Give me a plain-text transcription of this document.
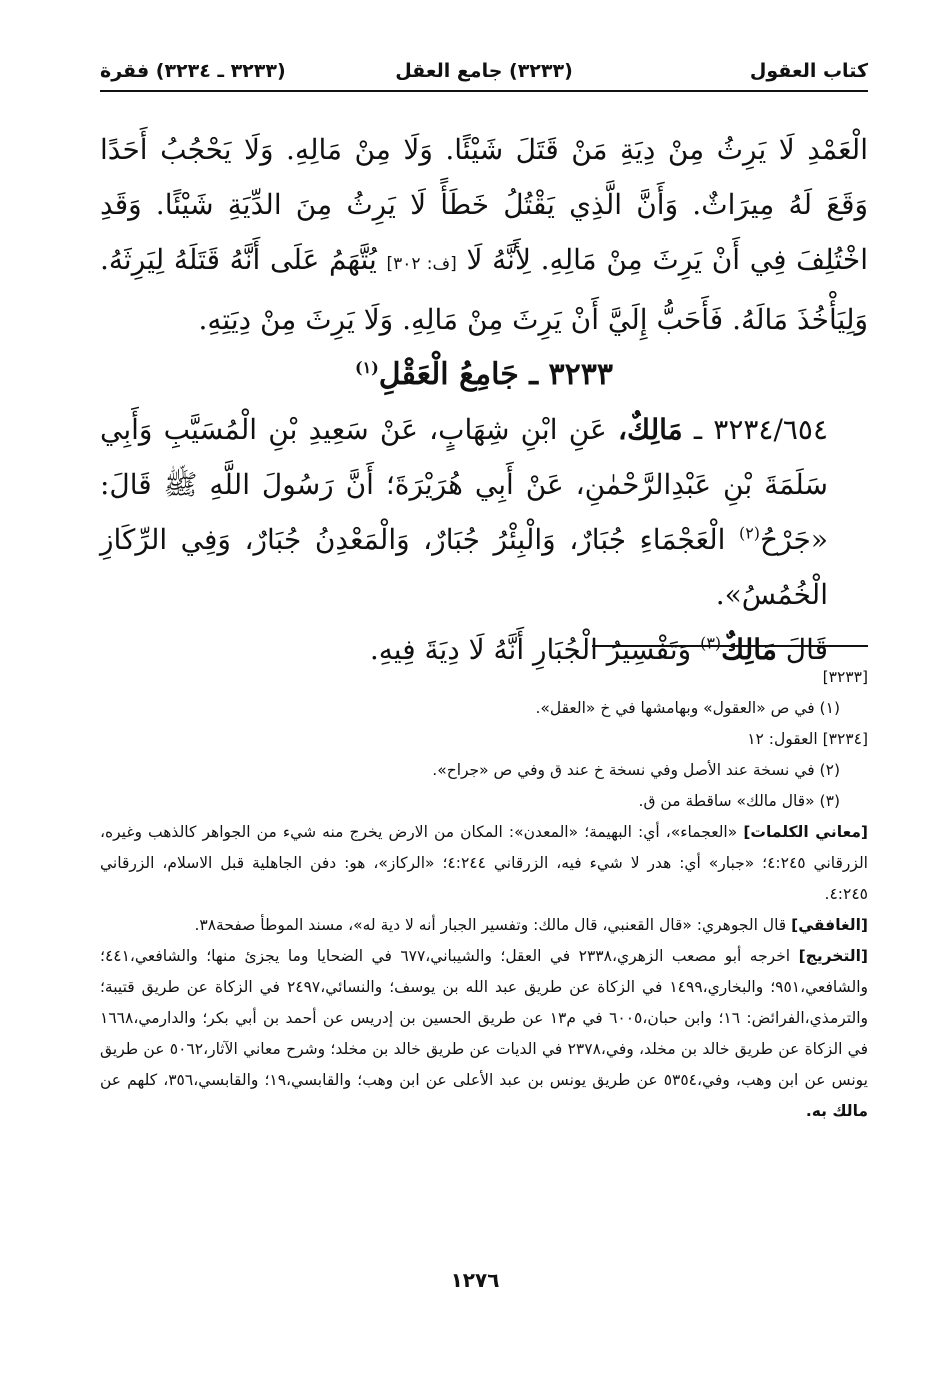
كتاب العقول
(٣٢٣٣) جامع العقل
(٣٢٣٣ ـ ٣٢٣٤) فقرة

الْعَمْدِ لَا يَرِثُ مِنْ دِيَةِ مَنْ قَتَلَ شَيْئًا. وَلَا مِنْ مَالِهِ. وَلَا يَحْجُبُ أَحَدًا وَقَعَ لَهُ مِيرَاثٌ. وَأَنَّ الَّذِي يَقْتُلُ خَطَأً لَا يَرِثُ مِنَ الدِّيَةِ شَيْئًا. وَقَدِ اخْتُلِفَ فِي أَنْ يَرِثَ مِنْ مَالِهِ. لِأَنَّهُ لَا [ف: ٣٠٢] يُتَّهَمُ عَلَى أَنَّهُ قَتَلَهُ لِيَرِثَهُ. وَلِيَأْخُذَ مَالَهُ. فَأَحَبُّ إِلَيَّ أَنْ يَرِثَ مِنْ مَالِهِ. وَلَا يَرِثَ مِنْ دِيَتِهِ.

٣٢٣٣ ـ جَامِعُ الْعَقْلِ$^{(١)}$

٣٢٣٤/٦٥٤ ـ مَالِكٌ، عَنِ ابْنِ شِهَابٍ، عَنْ سَعِيدِ بْنِ الْمُسَيَّبِ وَأَبِي سَلَمَةَ بْنِ عَبْدِالرَّحْمٰنِ، عَنْ أَبِي هُرَيْرَةَ؛ أَنَّ رَسُولَ اللَّهِ ﷺ قَالَ: «جَرْحُ$^{(٢)}$ الْعَجْمَاءِ جُبَارٌ، وَالْبِئْرُ جُبَارٌ، وَالْمَعْدِنُ جُبَارٌ، وَفِي الرِّكَازِ الْخُمُسُ».

قَالَ مَالِكٌ$^{(٣)}$ وَتَفْسِيرُ الْجُبَارِ أَنَّهُ لَا دِيَةَ فِيهِ.

[٣٢٣٣]

(١) في ص «العقول» وبهامشها في خ «العقل».

[٣٢٣٤] العقول: ١٢

(٢) في نسخة عند الأصل وفي نسخة خ عند ق وفي ص «جراح».

(٣) «قال مالك» ساقطة من ق.

[معاني الكلمات] «العجماء»، أي: البهيمة؛ «المعدن»: المكان من الارض يخرج منه شيء من الجواهر كالذهب وغيره، الزرقاني ٤:٢٤٥؛ «جبار» أي: هدر لا شيء فيه، الزرقاني ٤:٢٤٤؛ «الركاز»، هو: دفن الجاهلية قبل الاسلام، الزرقاني ٤:٢٤٥.

[الغافقي] قال الجوهري: «قال القعنبي، قال مالك: وتفسير الجبار أنه لا دية له»، مسند الموطأ صفحة٣٨.

[التخريج] اخرجه أبو مصعب الزهري،٢٣٣٨ في العقل؛ والشيباني،٦٧٧ في الضحايا وما يجزئ منها؛ والشافعي،٤٤١؛ والشافعي،٩٥١؛ والبخاري،١٤٩٩ في الزكاة عن طريق عبد الله بن يوسف؛ والنسائي،٢٤٩٧ في الزكاة عن طريق قتيبة؛ والترمذي،الفرائض: ١٦؛ وابن حبان،٦٠٠٥ في م١٣ عن طريق الحسين بن إدريس عن أحمد بن أبي بكر؛ والدارمي،١٦٦٨ في الزكاة عن طريق خالد بن مخلد، وفي،٢٣٧٨ في الديات عن طريق خالد بن مخلد؛ وشرح معاني الآثار،٥٠٦٢ عن طريق يونس عن ابن وهب، وفي،٥٣٥٤ عن طريق يونس بن عبد الأعلى عن ابن وهب؛ والقابسي،١٩؛ والقابسي،٣٥٦، كلهم عن مالك به.

١٢٧٦
